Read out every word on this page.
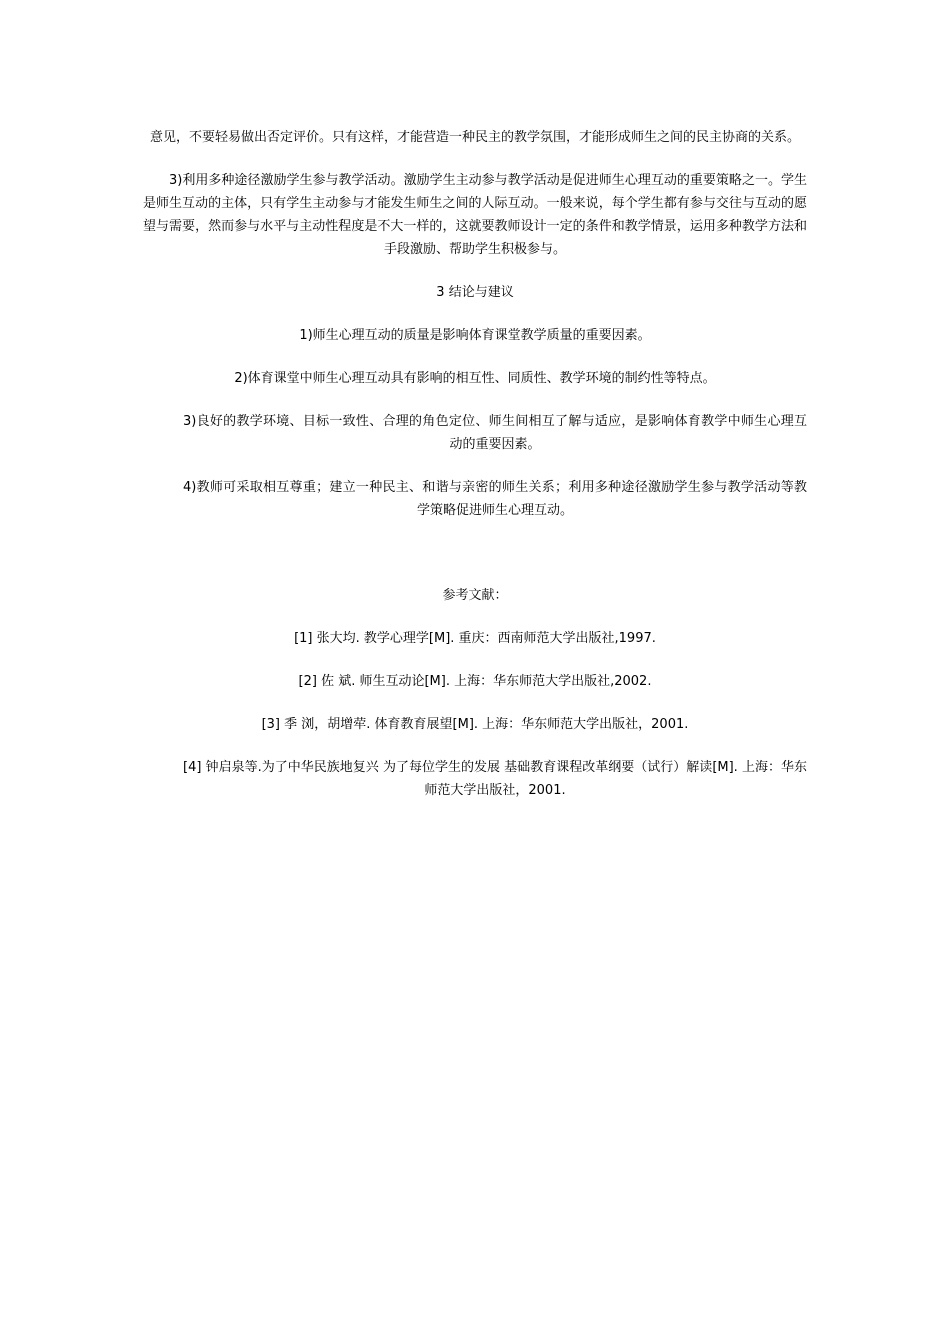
意见，不要轻易做出否定评价。只有这样，才能营造一种民主的教学氛围，才能形成师生之间的民主协商的关系。

3)利用多种途径激励学生参与教学活动。激励学生主动参与教学活动是促进师生心理互动的重要策略之一。学生是师生互动的主体，只有学生主动参与才能发生师生之间的人际互动。一般来说，每个学生都有参与交往与互动的愿望与需要，然而参与水平与主动性程度是不大一样的，这就要教师设计一定的条件和教学情景，运用多种教学方法和手段激励、帮助学生积极参与。

3 结论与建议

1)师生心理互动的质量是影响体育课堂教学质量的重要因素。

2)体育课堂中师生心理互动具有影响的相互性、同质性、教学环境的制约性等特点。

3)良好的教学环境、目标一致性、合理的角色定位、师生间相互了解与适应，是影响体育教学中师生心理互动的重要因素。

4)教师可采取相互尊重；建立一种民主、和谐与亲密的师生关系；利用多种途径激励学生参与教学活动等教学策略促进师生心理互动。

参考文献：

[1] 张大均. 教学心理学[M]. 重庆：西南师范大学出版社,1997.

[2] 佐 斌. 师生互动论[M]. 上海：华东师范大学出版社,2002.

[3] 季 浏，胡增荦. 体育教育展望[M]. 上海：华东师范大学出版社，2001.

[4] 钟启泉等.为了中华民族地复兴 为了每位学生的发展 基础教育课程改革纲要（试行）解读[M]. 上海：华东师范大学出版社，2001.
